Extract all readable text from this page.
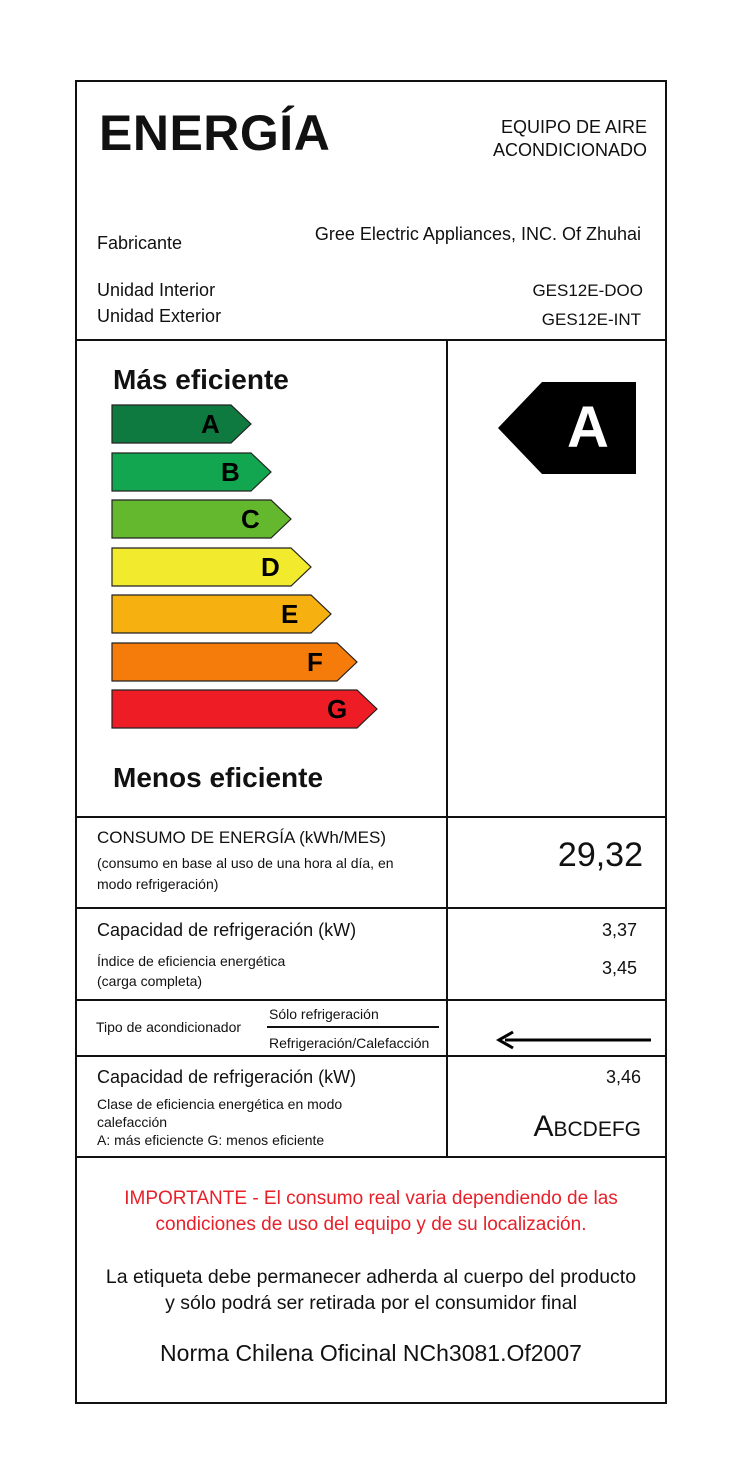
ENERGÍA	EQUIPO DE AIRE
ACONDICIONADO
Fabricante	Gree Electric Appliances, INC. Of Zhuhai
Unidad Interior	GES12E-DOO
Unidad Exterior	GES12E-INT
Más eficiente
A
B
C
D
E
F
G
Menos eficiente
A
CONSUMO DE ENERGÍA (kWh/MES)
(consumo en base al uso de una hora al día, en
modo refrigeración)
29,32
Capacidad de refrigeración (kW)	3,37
Índice de eficiencia energética
(carga completa)
3,45
Tipo de acondicionador
Sólo refrigeración
Refrigeración/Calefacción
Capacidad de refrigeración (kW)	3,46
Clase de eficiencia energética en modo
calefacción
A: más eficiencte G: menos eficiente	ABCDEFG
IMPORTANTE - El consumo real varia dependiendo de las
condiciones de uso del equipo y de su localización.
La etiqueta debe permanecer adherda al cuerpo del producto
y sólo podrá ser retirada por el consumidor final
Norma Chilena Oficinal NCh3081.Of2007
